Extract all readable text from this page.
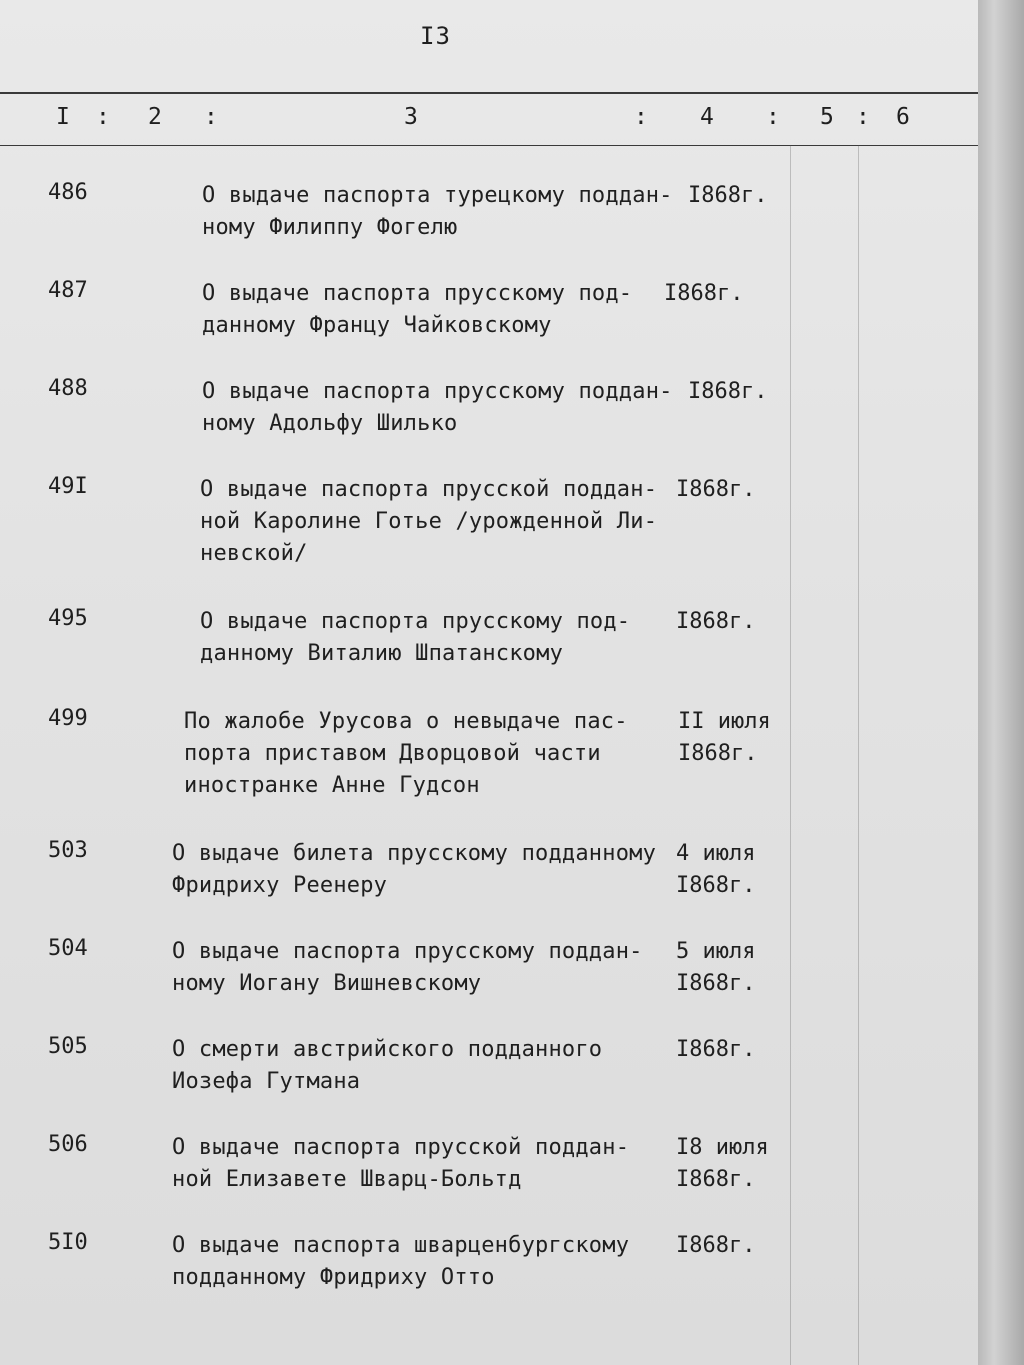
I3
I : 2 :	3	: 4 : 5 : 6
486	О выдаче паспорта турецкому поддан-
ному Филиппу Фогелю
I868г.
487	О выдаче паспорта прусскому под-
данному Францу Чайковскому
I868г.
488	О выдаче паспорта прусскому поддан-
ному Адольфу Шилько
I868г.
49I	О выдаче паспорта прусской поддан-
ной Каролине Готье /урожденной Ли-
невской/
I868г.
495	О выдаче паспорта прусскому под-
данному Виталию Шпатанскому
I868г.
499	По жалобе Урусова о невыдаче пас-
порта приставом Дворцовой части
иностранке Анне Гудсон
II июля
I868г.
503	О выдаче билета прусскому подданному
Фридриху Реенеру
4 июля
I868г.
504	О выдаче паспорта прусскому поддан-
ному Иогану Вишневскому
5 июля
I868г.
505	О смерти австрийского подданного
Иозефа Гутмана
I868г.
506	О выдаче паспорта прусской поддан-
ной Елизавете Шварц-Больтд
I8 июля
I868г.
5I0	О выдаче паспорта шварценбургскому
подданному Фридриху Отто
I868г.
